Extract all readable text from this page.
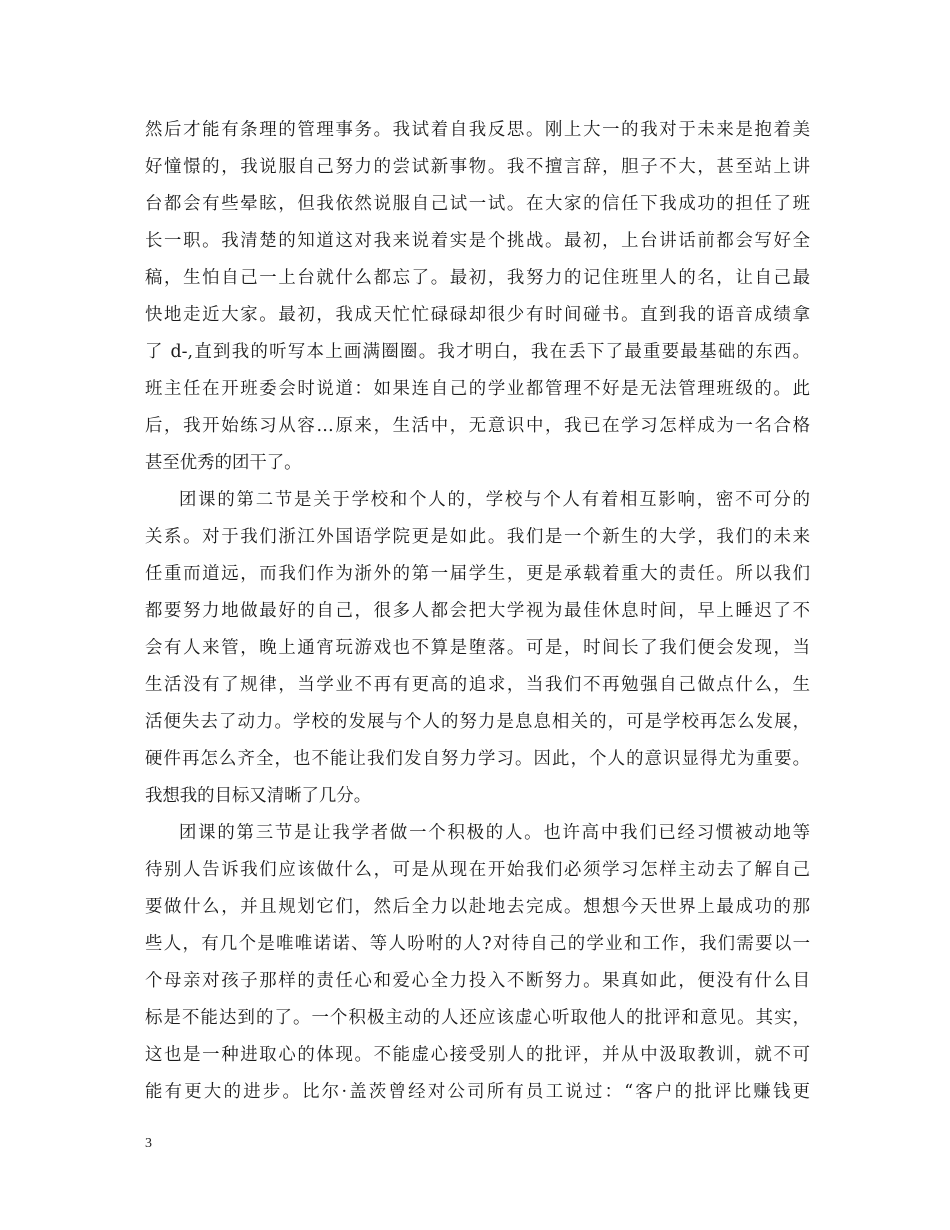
然后才能有条理的管理事务。我试着自我反思。刚上大一的我对于未来是抱着美
好憧憬的，我说服自己努力的尝试新事物。我不擅言辞，胆子不大，甚至站上讲
台都会有些晕眩，但我依然说服自己试一试。在大家的信任下我成功的担任了班
长一职。我清楚的知道这对我来说着实是个挑战。最初，上台讲话前都会写好全
稿，生怕自己一上台就什么都忘了。最初，我努力的记住班里人的名，让自己最
快地走近大家。最初，我成天忙忙碌碌却很少有时间碰书。直到我的语音成绩拿
了 d-,直到我的听写本上画满圈圈。我才明白，我在丢下了最重要最基础的东西。
班主任在开班委会时说道：如果连自己的学业都管理不好是无法管理班级的。此
后，我开始练习从容…原来，生活中，无意识中，我已在学习怎样成为一名合格
甚至优秀的团干了。
团课的第二节是关于学校和个人的，学校与个人有着相互影响，密不可分的
关系。对于我们浙江外国语学院更是如此。我们是一个新生的大学，我们的未来
任重而道远，而我们作为浙外的第一届学生，更是承载着重大的责任。所以我们
都要努力地做最好的自己，很多人都会把大学视为最佳休息时间，早上睡迟了不
会有人来管，晚上通宵玩游戏也不算是堕落。可是，时间长了我们便会发现，当
生活没有了规律，当学业不再有更高的追求，当我们不再勉强自己做点什么，生
活便失去了动力。学校的发展与个人的努力是息息相关的，可是学校再怎么发展，
硬件再怎么齐全，也不能让我们发自努力学习。因此，个人的意识显得尤为重要。
我想我的目标又清晰了几分。
团课的第三节是让我学者做一个积极的人。也许高中我们已经习惯被动地等
待别人告诉我们应该做什么，可是从现在开始我们必须学习怎样主动去了解自己
要做什么，并且规划它们，然后全力以赴地去完成。想想今天世界上最成功的那
些人，有几个是唯唯诺诺、等人吩咐的人?对待自己的学业和工作，我们需要以一
个母亲对孩子那样的责任心和爱心全力投入不断努力。果真如此，便没有什么目
标是不能达到的了。一个积极主动的人还应该虚心听取他人的批评和意见。其实，
这也是一种进取心的体现。不能虚心接受别人的批评，并从中汲取教训，就不可
能有更大的进步。比尔·盖茨曾经对公司所有员工说过：“客户的批评比赚钱更
3
